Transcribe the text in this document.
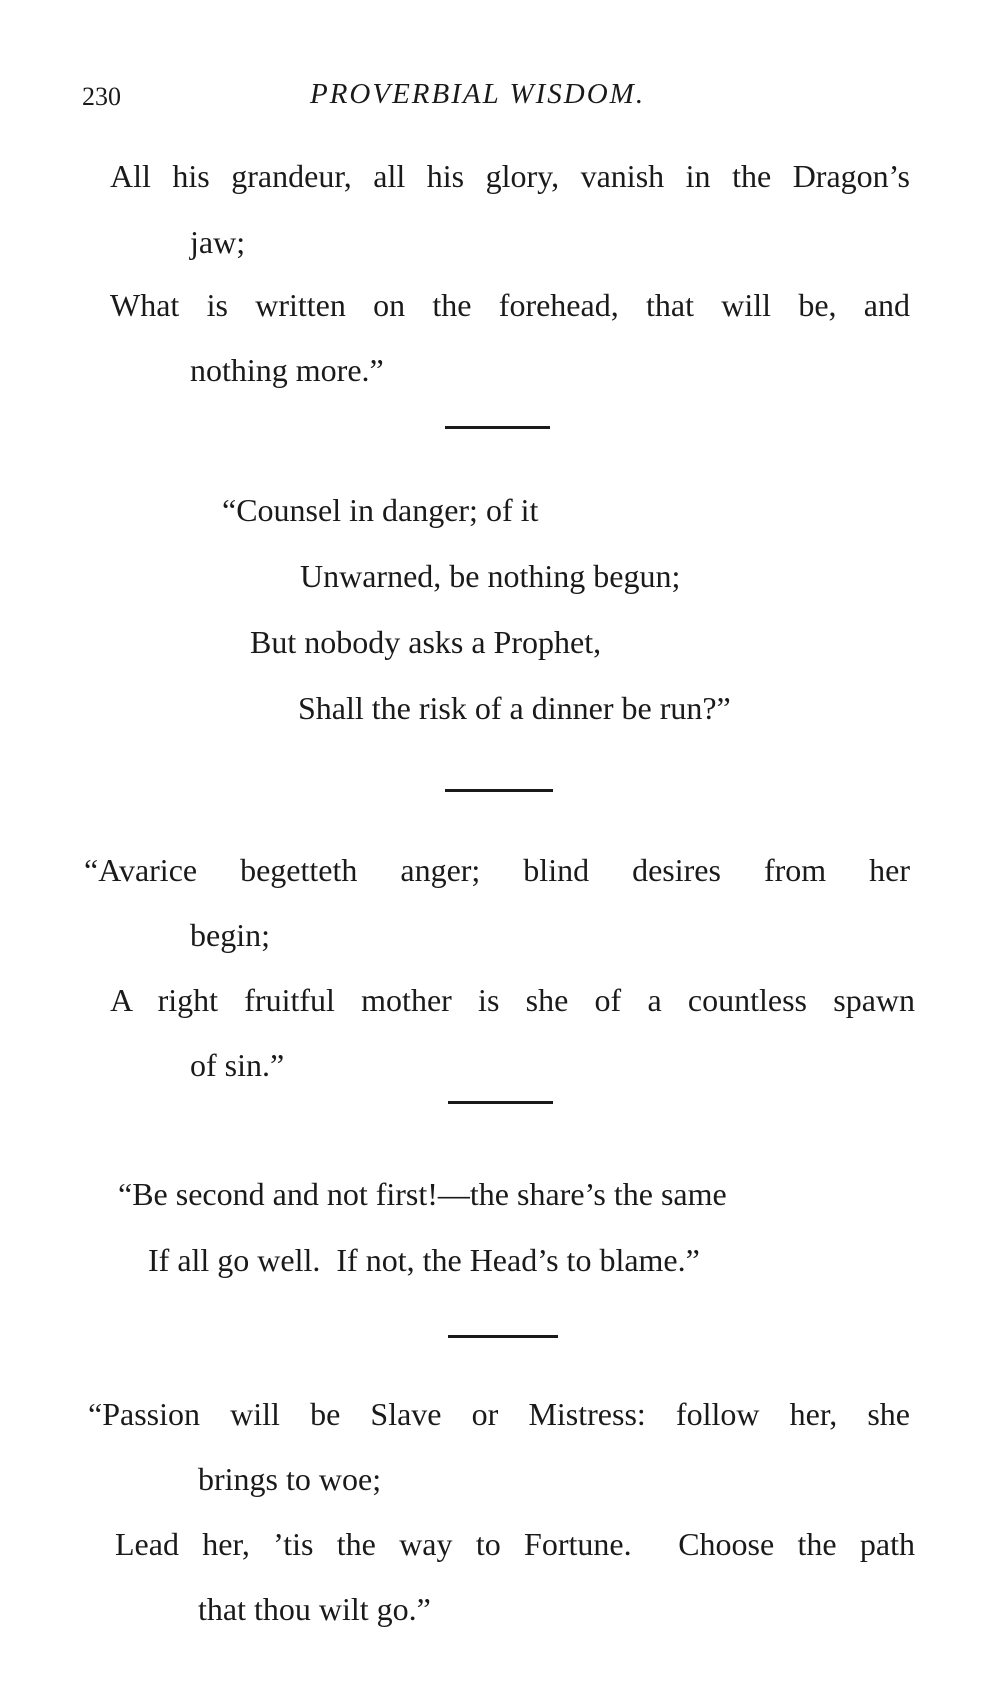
230	PROVERBIAL WISDOM.
All his grandeur, all his glory, vanish in the Dragon’s
jaw;
What is written on the forehead, that will be, and
nothing more.”
“Counsel in danger; of it
Unwarned, be nothing begun;
But nobody asks a Prophet,
Shall the risk of a dinner be run?”
“Avarice begetteth anger; blind desires from her
begin;
A right fruitful mother is she of a countless spawn
of sin.”
“Be second and not first!—the share’s the same
If all go well.  If not, the Head’s to blame.”
“Passion will be Slave or Mistress: follow her, she
brings to woe;
Lead her, ’tis the way to Fortune.  Choose the path
that thou wilt go.”
